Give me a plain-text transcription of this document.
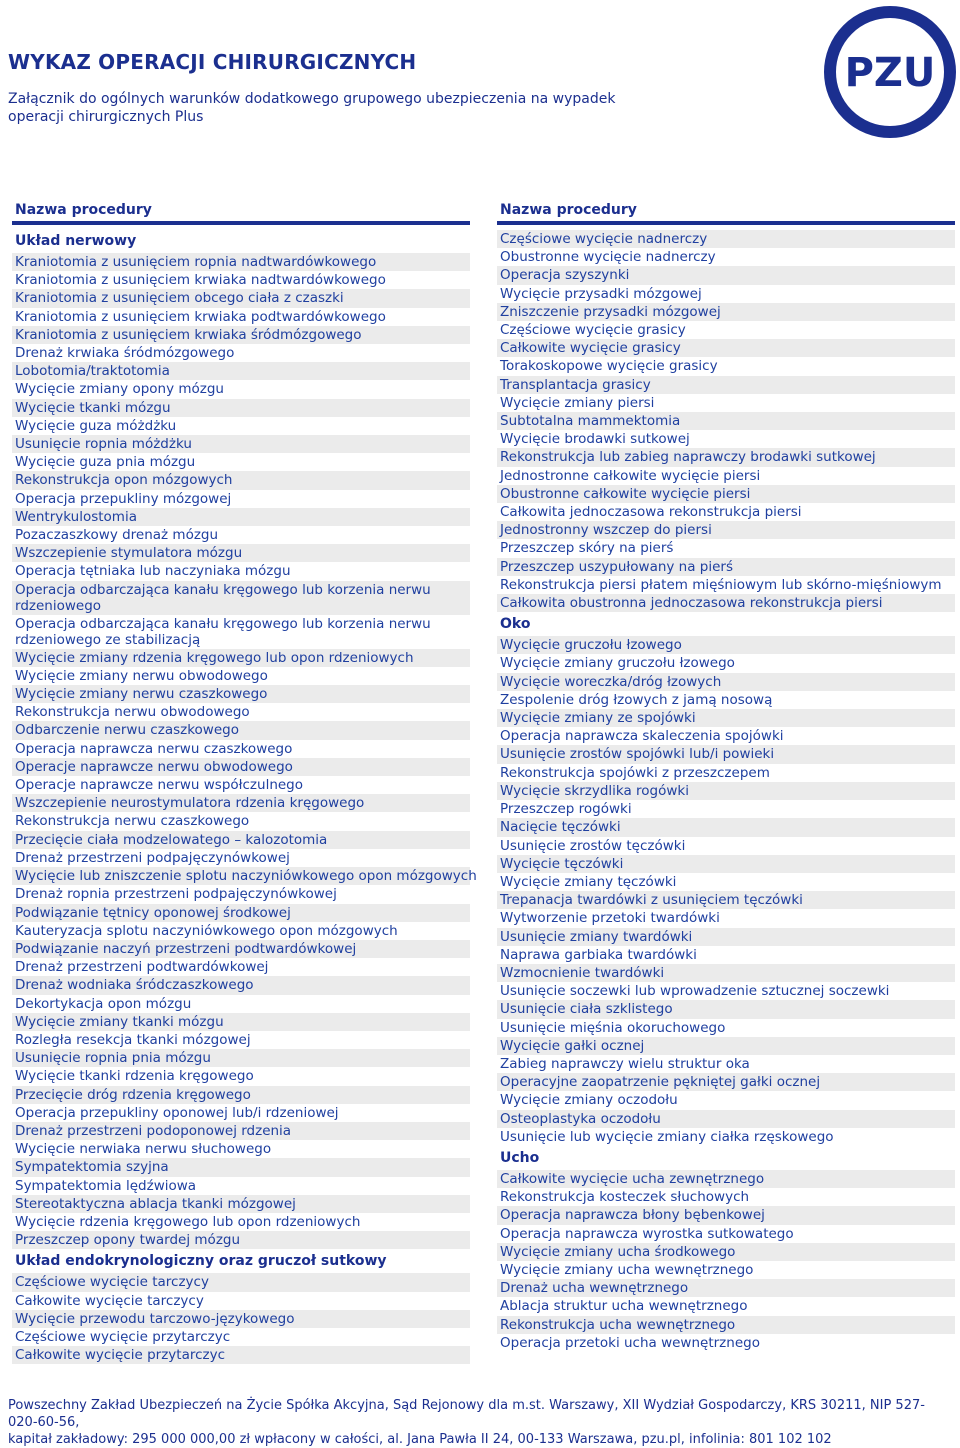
WYKAZ OPERACJI CHIRURGICZNYCH
Załącznik do ogólnych warunków dodatkowego grupowego ubezpieczenia na wypadek operacji chirurgicznych Plus
PZU
Nazwa procedury
Układ nerwowy
Kraniotomia z usunięciem ropnia nadtwardówkowego
Kraniotomia z usunięciem krwiaka nadtwardówkowego
Kraniotomia z usunięciem obcego ciała z czaszki
Kraniotomia z usunięciem krwiaka podtwardówkowego
Kraniotomia z usunięciem krwiaka śródmózgowego
Drenaż krwiaka śródmózgowego
Lobotomia/traktotomia
Wycięcie zmiany opony mózgu
Wycięcie tkanki mózgu
Wycięcie guza móżdżku
Usunięcie ropnia móżdżku
Wycięcie guza pnia mózgu
Rekonstrukcja opon mózgowych
Operacja przepukliny mózgowej
Wentrykulostomia
Pozaczaszkowy drenaż mózgu
Wszczepienie stymulatora mózgu
Operacja tętniaka lub naczyniaka mózgu
Operacja odbarczająca kanału kręgowego lub korzenia nerwu rdzeniowego
Operacja odbarczająca kanału kręgowego lub korzenia nerwu rdzeniowego ze stabilizacją
Wycięcie zmiany rdzenia kręgowego lub opon rdzeniowych
Wycięcie zmiany nerwu obwodowego
Wycięcie zmiany nerwu czaszkowego
Rekonstrukcja nerwu obwodowego
Odbarczenie nerwu czaszkowego
Operacja naprawcza nerwu czaszkowego
Operacje naprawcze nerwu obwodowego
Operacje naprawcze nerwu współczulnego
Wszczepienie neurostymulatora rdzenia kręgowego
Rekonstrukcja nerwu czaszkowego
Przecięcie ciała modzelowatego – kalozotomia
Drenaż przestrzeni podpajęczynówkowej
Wycięcie lub zniszczenie splotu naczyniówkowego opon mózgowych
Drenaż ropnia przestrzeni podpajęczynówkowej
Podwiązanie tętnicy oponowej środkowej
Kauteryzacja splotu naczyniówkowego opon mózgowych
Podwiązanie naczyń przestrzeni podtwardówkowej
Drenaż przestrzeni podtwardówkowej
Drenaż wodniaka śródczaszkowego
Dekortykacja opon mózgu
Wycięcie zmiany tkanki mózgu
Rozległa resekcja tkanki mózgowej
Usunięcie ropnia pnia mózgu
Wycięcie tkanki rdzenia kręgowego
Przecięcie dróg rdzenia kręgowego
Operacja przepukliny oponowej lub/i rdzeniowej
Drenaż przestrzeni podoponowej rdzenia
Wycięcie nerwiaka nerwu słuchowego
Sympatektomia szyjna
Sympatektomia lędźwiowa
Stereotaktyczna ablacja tkanki mózgowej
Wycięcie rdzenia kręgowego lub opon rdzeniowych
Przeszczep opony twardej mózgu
Układ endokrynologiczny oraz gruczoł sutkowy
Częściowe wycięcie tarczycy
Całkowite wycięcie tarczycy
Wycięcie przewodu tarczowo-językowego
Częściowe wycięcie przytarczyc
Całkowite wycięcie przytarczyc
Nazwa procedury
Częściowe wycięcie nadnerczy
Obustronne wycięcie nadnerczy
Operacja szyszynki
Wycięcie przysadki mózgowej
Zniszczenie przysadki mózgowej
Częściowe wycięcie grasicy
Całkowite wycięcie grasicy
Torakoskopowe wycięcie grasicy
Transplantacja grasicy
Wycięcie zmiany piersi
Subtotalna mammektomia
Wycięcie brodawki sutkowej
Rekonstrukcja lub zabieg naprawczy brodawki sutkowej
Jednostronne całkowite wycięcie piersi
Obustronne całkowite wycięcie piersi
Całkowita jednoczasowa rekonstrukcja piersi
Jednostronny wszczep do piersi
Przeszczep skóry na pierś
Przeszczep uszypułowany na pierś
Rekonstrukcja piersi płatem mięśniowym lub skórno-mięśniowym
Całkowita obustronna jednoczasowa rekonstrukcja piersi
Oko
Wycięcie gruczołu łzowego
Wycięcie zmiany gruczołu łzowego
Wycięcie woreczka/dróg łzowych
Zespolenie dróg łzowych z jamą nosową
Wycięcie zmiany ze spojówki
Operacja naprawcza skaleczenia spojówki
Usunięcie zrostów spojówki lub/i powieki
Rekonstrukcja spojówki z przeszczepem
Wycięcie skrzydlika rogówki
Przeszczep rogówki
Nacięcie tęczówki
Usunięcie zrostów tęczówki
Wycięcie tęczówki
Wycięcie zmiany tęczówki
Trepanacja twardówki z usunięciem tęczówki
Wytworzenie przetoki twardówki
Usunięcie zmiany twardówki
Naprawa garbiaka twardówki
Wzmocnienie twardówki
Usunięcie soczewki lub wprowadzenie sztucznej soczewki
Usunięcie ciała szklistego
Usunięcie mięśnia okoruchowego
Wycięcie gałki ocznej
Zabieg naprawczy wielu struktur oka
Operacyjne zaopatrzenie pękniętej gałki ocznej
Wycięcie zmiany oczodołu
Osteoplastyka oczodołu
Usunięcie lub wycięcie zmiany ciałka rzęskowego
Ucho
Całkowite wycięcie ucha zewnętrznego
Rekonstrukcja kosteczek słuchowych
Operacja naprawcza błony bębenkowej
Operacja naprawcza wyrostka sutkowatego
Wycięcie zmiany ucha środkowego
Wycięcie zmiany ucha wewnętrznego
Drenaż ucha wewnętrznego
Ablacja struktur ucha wewnętrznego
Rekonstrukcja ucha wewnętrznego
Operacja przetoki ucha wewnętrznego
Powszechny Zakład Ubezpieczeń na Życie Spółka Akcyjna, Sąd Rejonowy dla m.st. Warszawy, XII Wydział Gospodarczy, KRS 30211, NIP 527-020-60-56,
kapitał zakładowy: 295 000 000,00 zł wpłacony w całości, al. Jana Pawła II 24, 00-133 Warszawa, pzu.pl, infolinia: 801 102 102
